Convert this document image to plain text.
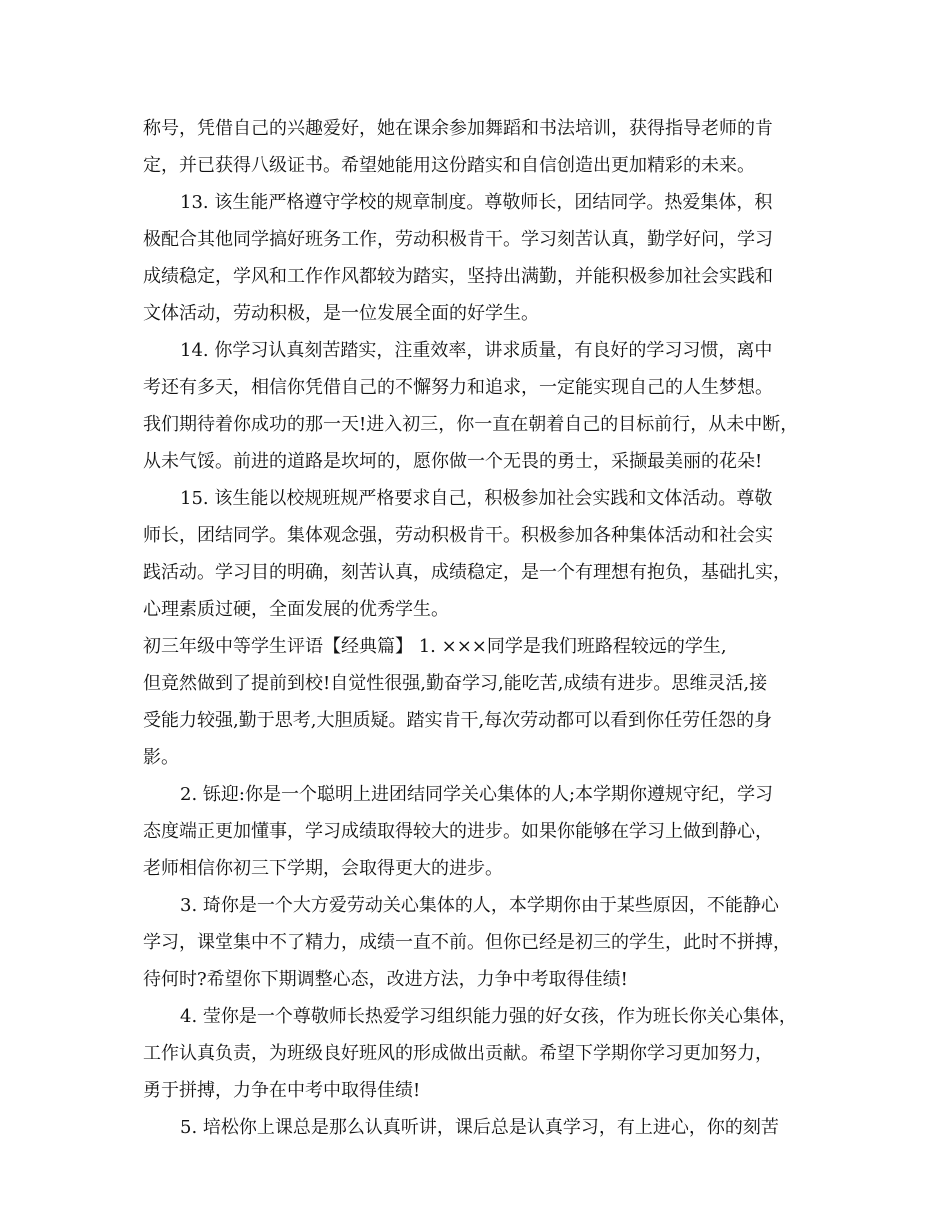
称号，凭借自己的兴趣爱好，她在课余参加舞蹈和书法培训，获得指导老师的肯
定，并已获得八级证书。希望她能用这份踏实和自信创造出更加精彩的未来。
13. 该生能严格遵守学校的规章制度。尊敬师长，团结同学。热爱集体，积
极配合其他同学搞好班务工作，劳动积极肯干。学习刻苦认真，勤学好问，学习
成绩稳定，学风和工作作风都较为踏实，坚持出满勤，并能积极参加社会实践和
文体活动，劳动积极，是一位发展全面的好学生。
14. 你学习认真刻苦踏实，注重效率，讲求质量，有良好的学习习惯，离中
考还有多天，相信你凭借自己的不懈努力和追求，一定能实现自己的人生梦想。
我们期待着你成功的那一天!进入初三，你一直在朝着自己的目标前行，从未中断，
从未气馁。前进的道路是坎坷的，愿你做一个无畏的勇士，采撷最美丽的花朵!
15. 该生能以校规班规严格要求自己，积极参加社会实践和文体活动。尊敬
师长，团结同学。集体观念强，劳动积极肯干。积极参加各种集体活动和社会实
践活动。学习目的明确，刻苦认真，成绩稳定，是一个有理想有抱负，基础扎实，
心理素质过硬，全面发展的优秀学生。
初三年级中等学生评语【经典篇】 1. ×××同学是我们班路程较远的学生,
但竟然做到了提前到校!自觉性很强,勤奋学习,能吃苦,成绩有进步。思维灵活,接
受能力较强,勤于思考,大胆质疑。踏实肯干,每次劳动都可以看到你任劳任怨的身
影。
2. 铄迎:你是一个聪明上进团结同学关心集体的人;本学期你遵规守纪，学习
态度端正更加懂事，学习成绩取得较大的进步。如果你能够在学习上做到静心，
老师相信你初三下学期，会取得更大的进步。
3. 琦你是一个大方爱劳动关心集体的人，本学期你由于某些原因，不能静心
学习，课堂集中不了精力，成绩一直不前。但你已经是初三的学生，此时不拼搏，
待何时?希望你下期调整心态，改进方法，力争中考取得佳绩!
4. 莹你是一个尊敬师长热爱学习组织能力强的好女孩，作为班长你关心集体，
工作认真负责，为班级良好班风的形成做出贡献。希望下学期你学习更加努力，
勇于拼搏，力争在中考中取得佳绩!
5. 培松你上课总是那么认真听讲，课后总是认真学习，有上进心，你的刻苦
